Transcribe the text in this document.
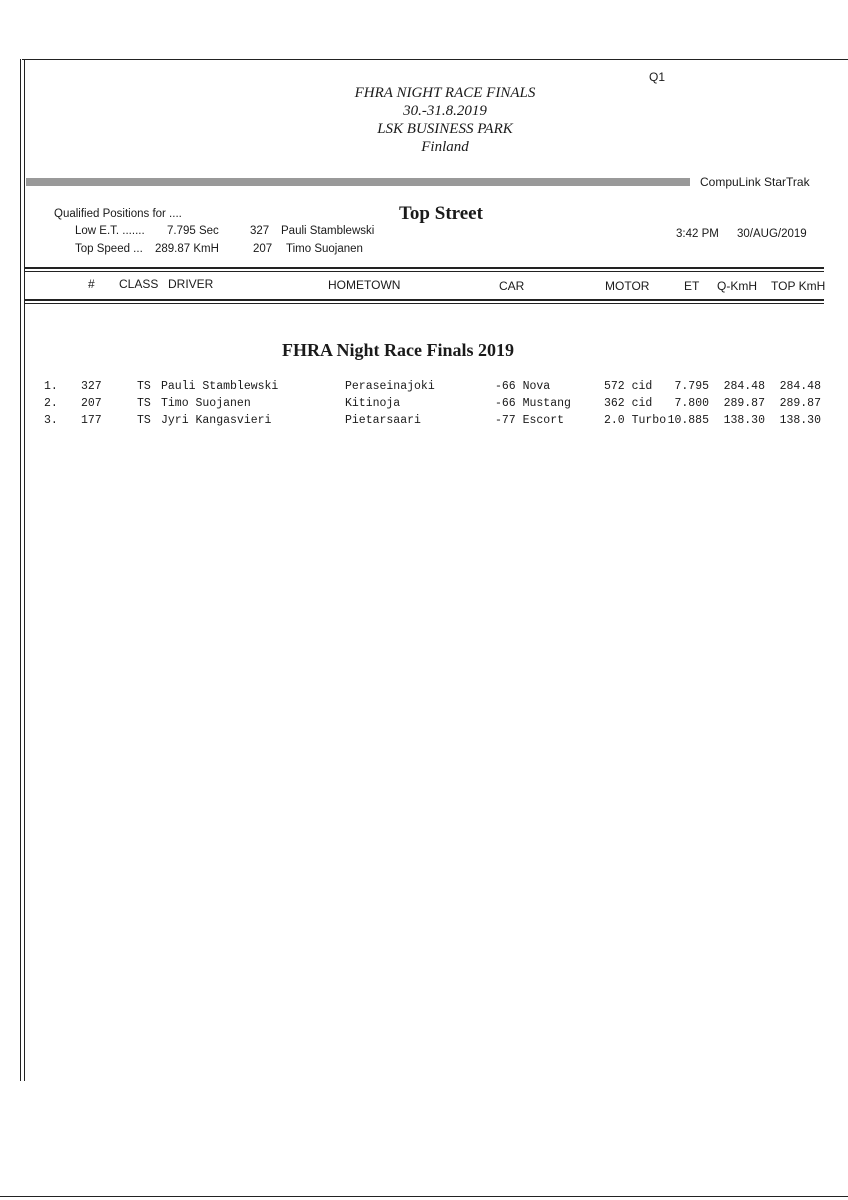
Q1
FHRA NIGHT RACE FINALS
30.-31.8.2019
LSK BUSINESS PARK
Finland
CompuLink StarTrak
Qualified Positions for ....	Top Street
Low E.T. ....... 7.795 Sec	327 Pauli Stamblewski
Top Speed ... 289.87 KmH	207 Timo Suojanen
3:42 PM 30/AUG/2019
# CLASS DRIVER	HOMETOWN	CAR	MOTOR	ET Q-KmH TOP KmH
FHRA Night Race Finals 2019
1. 327	TS Pauli Stamblewski	Peraseinajoki	-66 Nova	572 cid 7.795 284.48 284.48
2. 207	TS Timo Suojanen	Kitinoja	-66 Mustang	362 cid 7.800 289.87 289.87
3. 177	TS Jyri Kangasvieri	Pietarsaari	-77 Escort	2.0 Turbo 10.885 138.30 138.30
